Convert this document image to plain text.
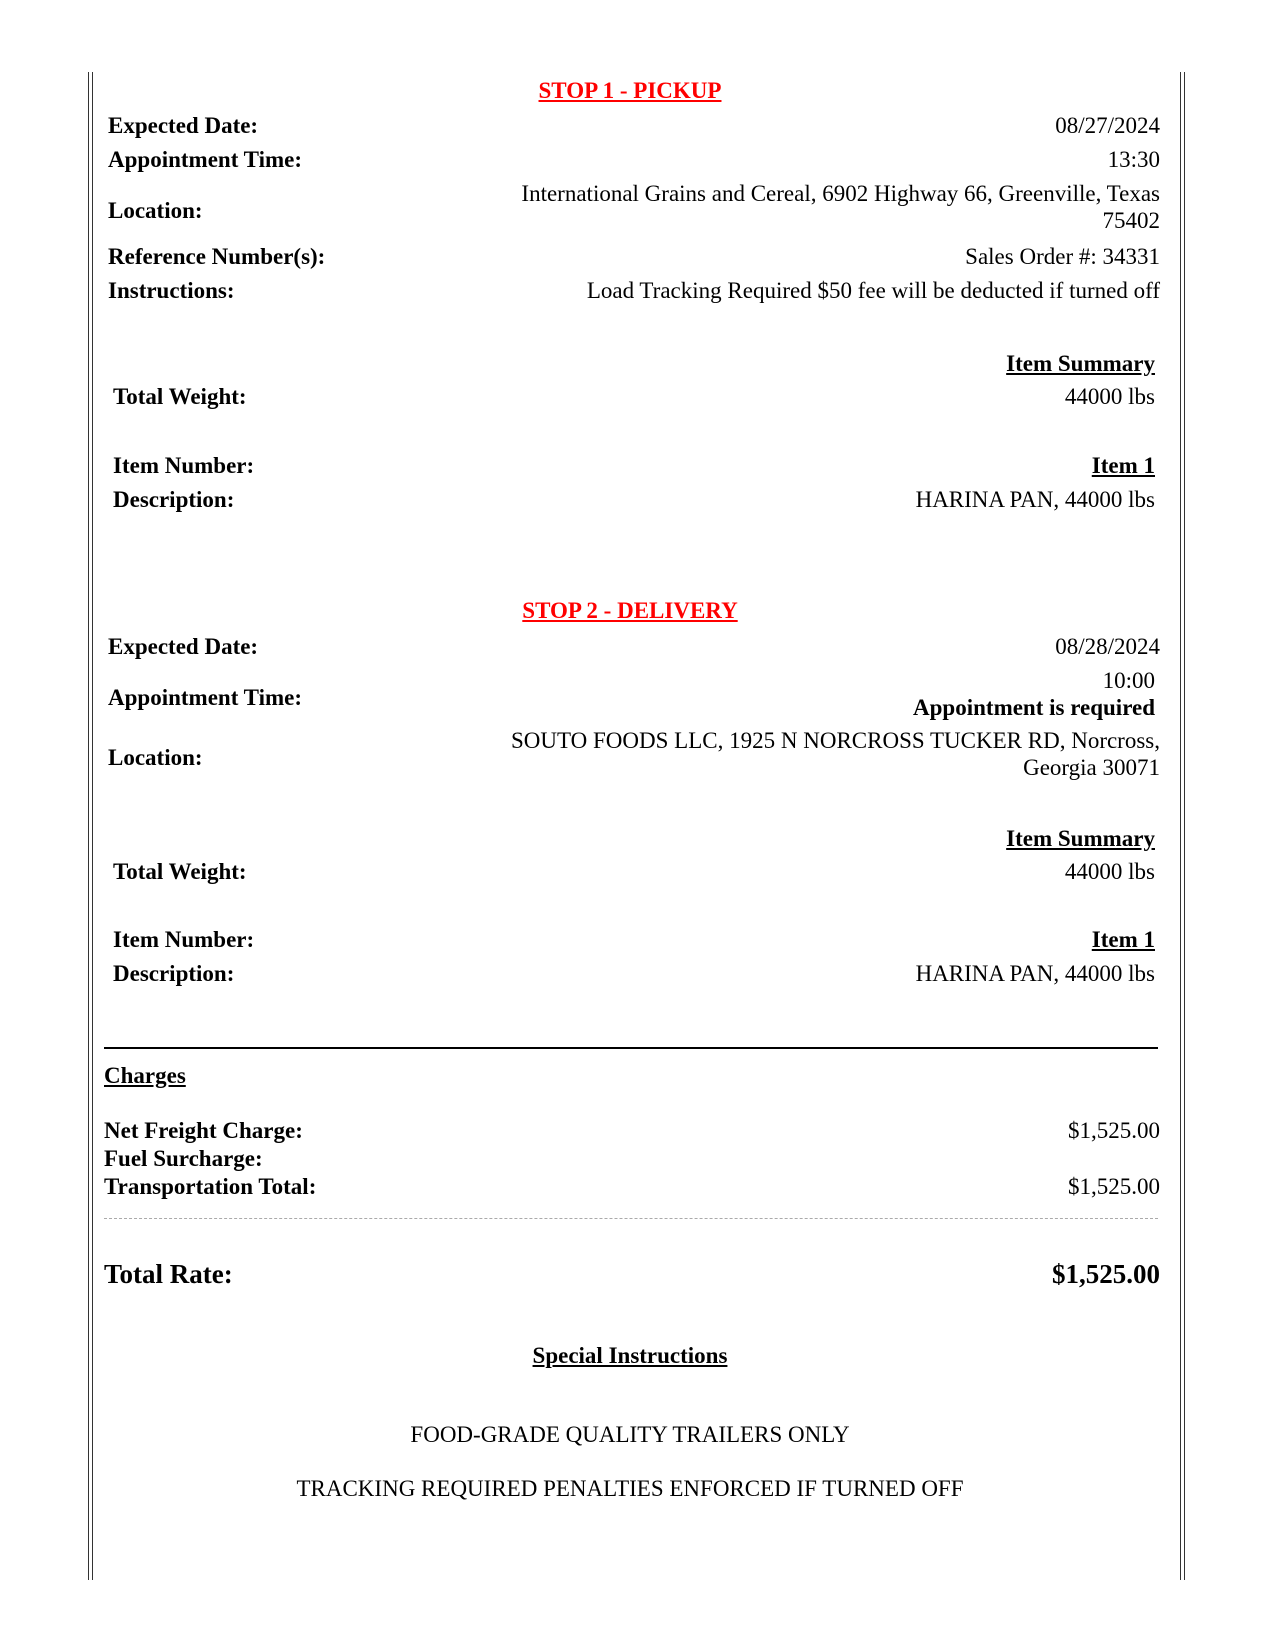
STOP 1 - PICKUP
Expected Date:	08/27/2024
Appointment Time:	13:30
Location:
International Grains and Cereal, 6902 Highway 66, Greenville, Texas
75402
Reference Number(s):	Sales Order #: 34331
Instructions:	Load Tracking Required $50 fee will be deducted if turned off
Item Summary
Total Weight:	44000 lbs
Item Number:	Item 1
Description:	HARINA PAN, 44000 lbs
STOP 2 - DELIVERY
Expected Date:	08/28/2024
Appointment Time:
10:00
Appointment is required
Location:
SOUTO FOODS LLC, 1925 N NORCROSS TUCKER RD, Norcross,
Georgia 30071
Item Summary
Total Weight:	44000 lbs
Item Number:	Item 1
Description:	HARINA PAN, 44000 lbs
Charges
Net Freight Charge:	$1,525.00
Fuel Surcharge:
Transportation Total:	$1,525.00
Total Rate:	$1,525.00
Special Instructions
FOOD-GRADE QUALITY TRAILERS ONLY
TRACKING REQUIRED PENALTIES ENFORCED IF TURNED OFF
